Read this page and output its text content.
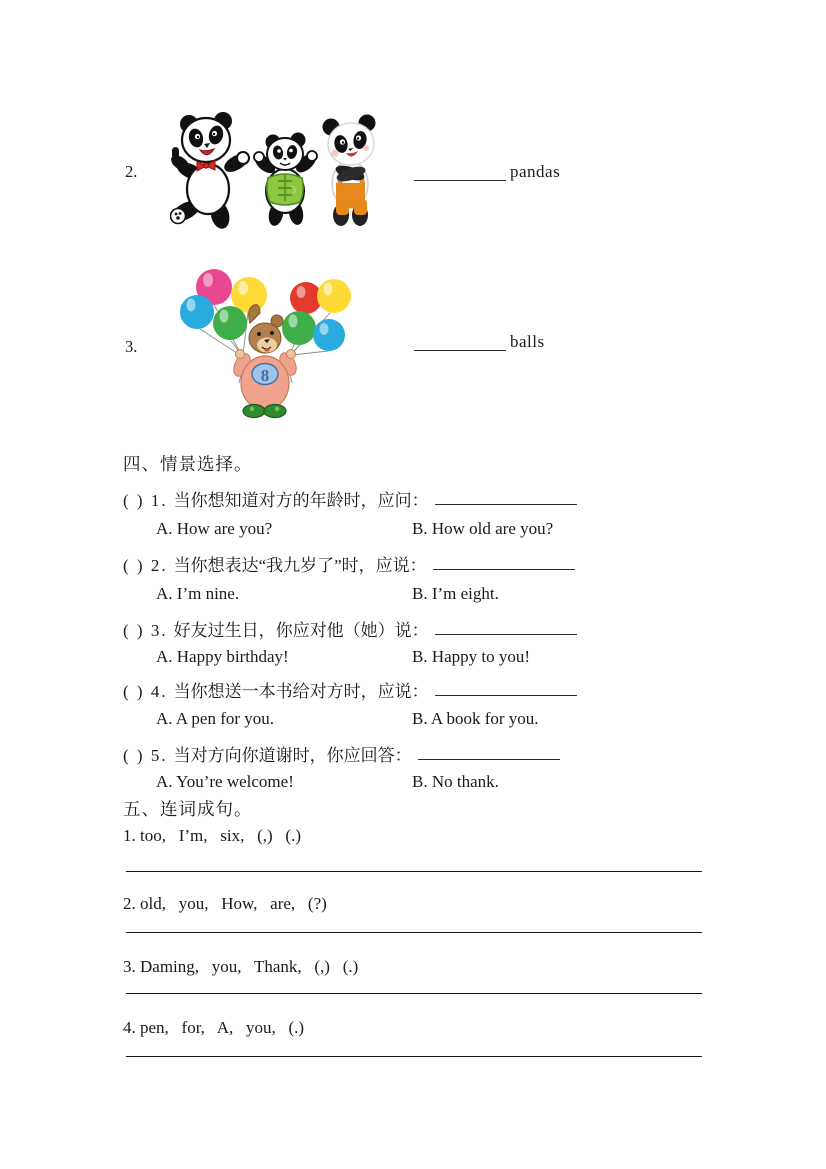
2.	pandas
3.
8
balls
四、情景选择。
( ) 1. 当你想知道对方的年龄时，应问：
A. How are you?	B. How old are you?
( ) 2. 当你想表达“我九岁了”时，应说：
A. I’m nine.	B. I’m eight.
( ) 3. 好友过生日，你应对他（她）说：
A. Happy birthday!	B. Happy to you!
( ) 4. 当你想送一本书给对方时，应说：
A. A pen for you.	B. A book for you.
( ) 5. 当对方向你道谢时，你应回答：
A. You’re welcome!	B. No thank.
五、连词成句。
1. too,   I’m,   six,   (,)   (.)
2. old,   you,   How,   are,   (?)
3. Daming,   you,   Thank,   (,)   (.)
4. pen,   for,   A,   you,   (.)
